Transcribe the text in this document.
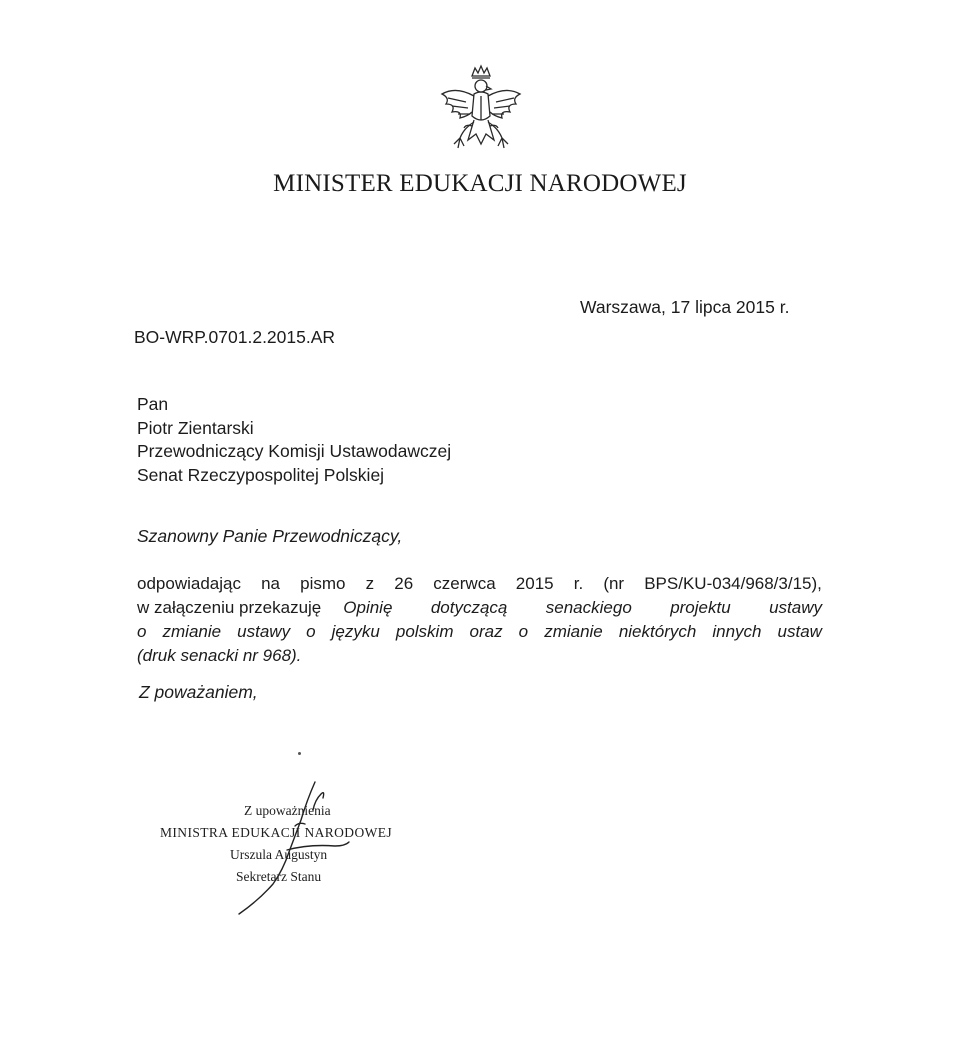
MINISTER EDUKACJI NARODOWEJ
Warszawa, 17 lipca 2015 r.
BO-WRP.0701.2.2015.AR
Pan
Piotr Zientarski
Przewodniczący Komisji Ustawodawczej
Senat Rzeczypospolitej Polskiej
Szanowny Panie Przewodniczący,
odpowiadając na pismo z 26 czerwca 2015 r. (nr BPS/KU-034/968/3/15),
w załączeniu przekazuję Opinię dotyczącą senackiego projektu ustawy
o zmianie ustawy o języku polskim oraz o zmianie niektórych innych ustaw
(druk senacki nr 968).
Z poważaniem,
Z upoważnienia
MINISTRA EDUKACJI NARODOWEJ
Urszula Augustyn
Sekretarz Stanu
